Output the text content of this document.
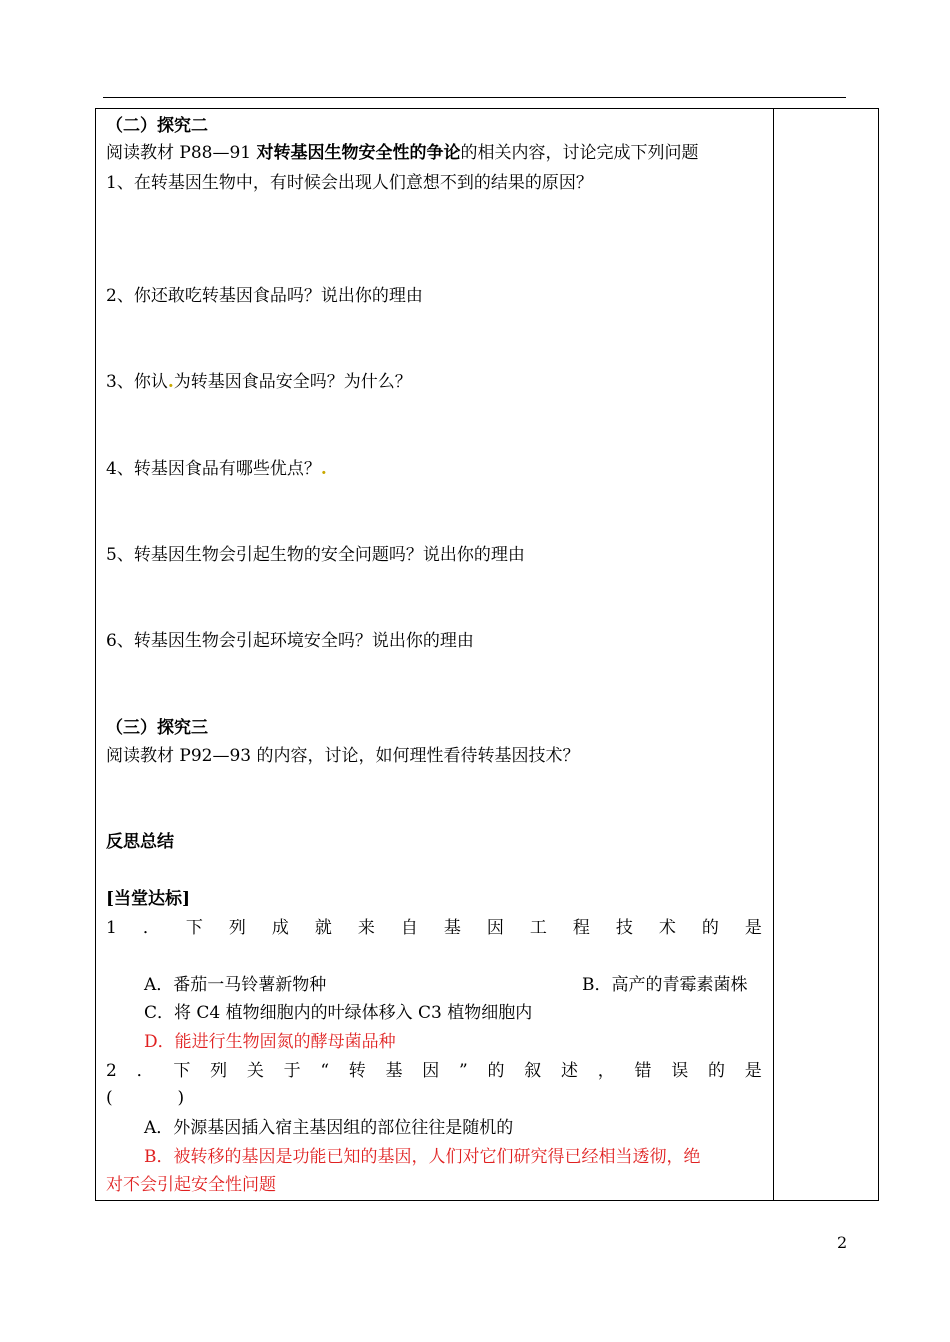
（二）探究二
阅读教材 P88—91 对转基因生物安全性的争论的相关内容，讨论完成下列问题
1、在转基因生物中，有时候会出现人们意想不到的结果的原因？
2、你还敢吃转基因食品吗？说出你的理由
3、你认.为转基因食品安全吗？为什么？
4、转基因食品有哪些优点？.
5、转基因生物会引起生物的安全问题吗？说出你的理由
6、转基因生物会引起环境安全吗？说出你的理由
（三）探究三
阅读教材 P92—93 的内容，讨论，如何理性看待转基因技术？
反思总结
[当堂达标]
1 ． 下 列 成 就 来 自 基 因 工 程 技 术 的 是
A．番茄一马铃薯新物种	B．高产的青霉素菌株
C．将 C4 植物细胞内的叶绿体移入 C3 植物细胞内
D．能进行生物固氮的酵母菌品种
2 ． 下 列 关 于 “ 转 基 因 ” 的 叙 述 ， 错 误 的 是
(            )
A．外源基因插入宿主基因组的部位往往是随机的
B．被转移的基因是功能已知的基因，人们对它们研究得已经相当透彻，绝
对不会引起安全性问题
2
